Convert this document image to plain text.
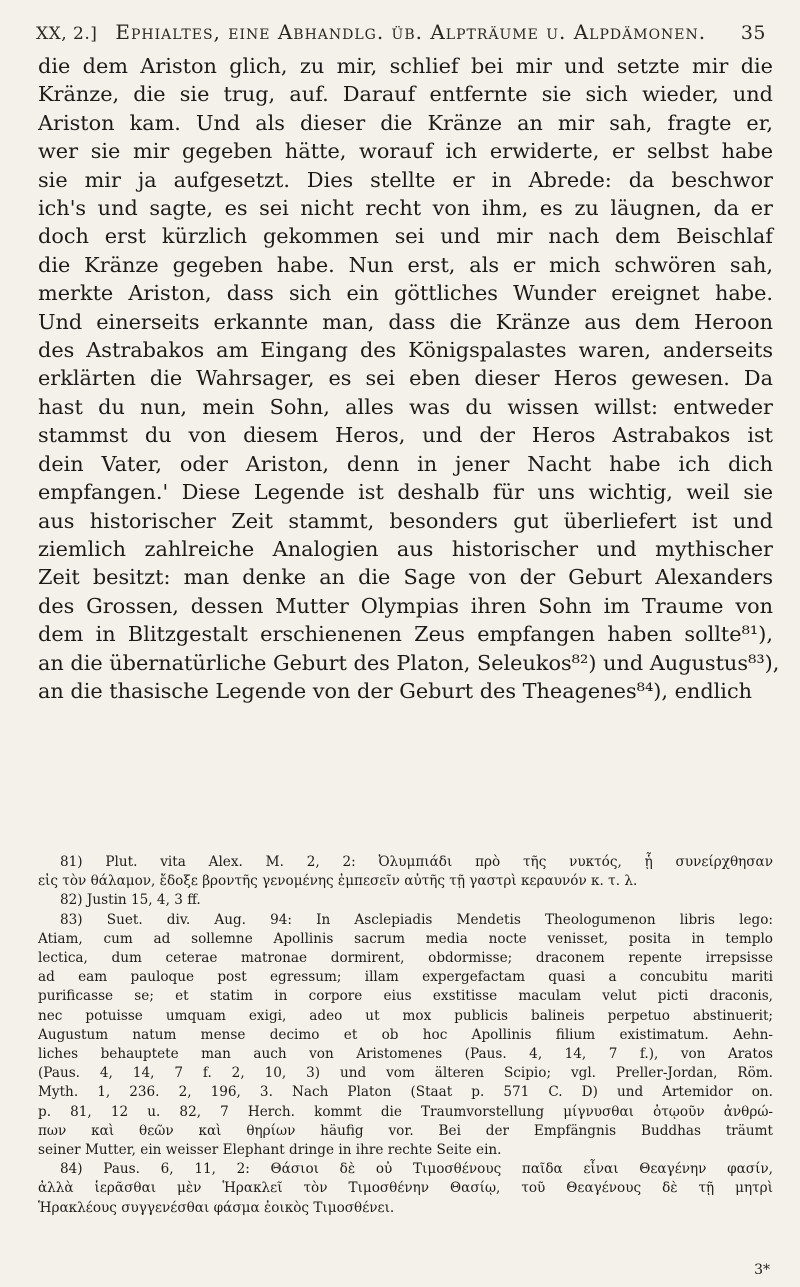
XX, 2.] Ephialtes, eine Abhandlg. üb. Alpträume u. Alpdämonen.	35
die dem Ariston glich, zu mir, schlief bei mir und setzte mir die
Kränze, die sie trug, auf. Darauf entfernte sie sich wieder, und
Ariston kam. Und als dieser die Kränze an mir sah, fragte er,
wer sie mir gegeben hätte, worauf ich erwiderte, er selbst habe
sie mir ja aufgesetzt. Dies stellte er in Abrede: da beschwor
ich's und sagte, es sei nicht recht von ihm, es zu läugnen, da er
doch erst kürzlich gekommen sei und mir nach dem Beischlaf
die Kränze gegeben habe. Nun erst, als er mich schwören sah,
merkte Ariston, dass sich ein göttliches Wunder ereignet habe.
Und einerseits erkannte man, dass die Kränze aus dem Heroon
des Astrabakos am Eingang des Königspalastes waren, anderseits
erklärten die Wahrsager, es sei eben dieser Heros gewesen. Da
hast du nun, mein Sohn, alles was du wissen willst: entweder
stammst du von diesem Heros, und der Heros Astrabakos ist
dein Vater, oder Ariston, denn in jener Nacht habe ich dich
empfangen.' Diese Legende ist deshalb für uns wichtig, weil sie
aus historischer Zeit stammt, besonders gut überliefert ist und
ziemlich zahlreiche Analogien aus historischer und mythischer
Zeit besitzt: man denke an die Sage von der Geburt Alexanders
des Grossen, dessen Mutter Olympias ihren Sohn im Traume von
dem in Blitzgestalt erschienenen Zeus empfangen haben sollte⁸¹),
an die übernatürliche Geburt des Platon, Seleukos⁸²) und Augustus⁸³),
an die thasische Legende von der Geburt des Theagenes⁸⁴), endlich
81) Plut. vita Alex. M. 2, 2: Ὀλυμπιάδι πρὸ τῆς νυκτός, ᾗ συνείρχθησαν
εἰς τὸν θάλαμον, ἔδοξε βροντῆς γενομένης ἐμπεσεῖν αὐτῆς τῇ γαστρὶ κεραυνόν κ. τ. λ.
82) Justin 15, 4, 3 ff.
83) Suet. div. Aug. 94: In Asclepiadis Mendetis Theologumenon libris lego:
Atiam, cum ad sollemne Apollinis sacrum media nocte venisset, posita in templo
lectica, dum ceterae matronae dormirent, obdormisse; draconem repente irrepsisse
ad eam pauloque post egressum; illam expergefactam quasi a concubitu mariti
purificasse se; et statim in corpore eius exstitisse maculam velut picti draconis,
nec potuisse umquam exigi, adeo ut mox publicis balineis perpetuo abstinuerit;
Augustum natum mense decimo et ob hoc Apollinis filium existimatum. Aehn-
liches behauptete man auch von Aristomenes (Paus. 4, 14, 7 f.), von Aratos
(Paus. 4, 14, 7 f. 2, 10, 3) und vom älteren Scipio; vgl. Preller-Jordan, Röm.
Myth. 1, 236. 2, 196, 3. Nach Platon (Staat p. 571 C. D) und Artemidor on.
p. 81, 12 u. 82, 7 Herch. kommt die Traumvorstellung μίγνυσθαι ὁτῳοῦν ἀνθρώ-
πων καὶ θεῶν καὶ θηρίων häufig vor. Bei der Empfängnis Buddhas träumt
seiner Mutter, ein weisser Elephant dringe in ihre rechte Seite ein.
84) Paus. 6, 11, 2: Θάσιοι δὲ οὐ Τιμοσθένους παῖδα εἶναι Θεαγένην φασίν,
ἀλλὰ ἱερᾶσθαι μὲν Ἡρακλεῖ τὸν Τιμοσθένην Θασίῳ, τοῦ Θεαγένους δὲ τῇ μητρὶ
Ἡρακλέους συγγενέσθαι φάσμα ἐοικὸς Τιμοσθένει.
3*
